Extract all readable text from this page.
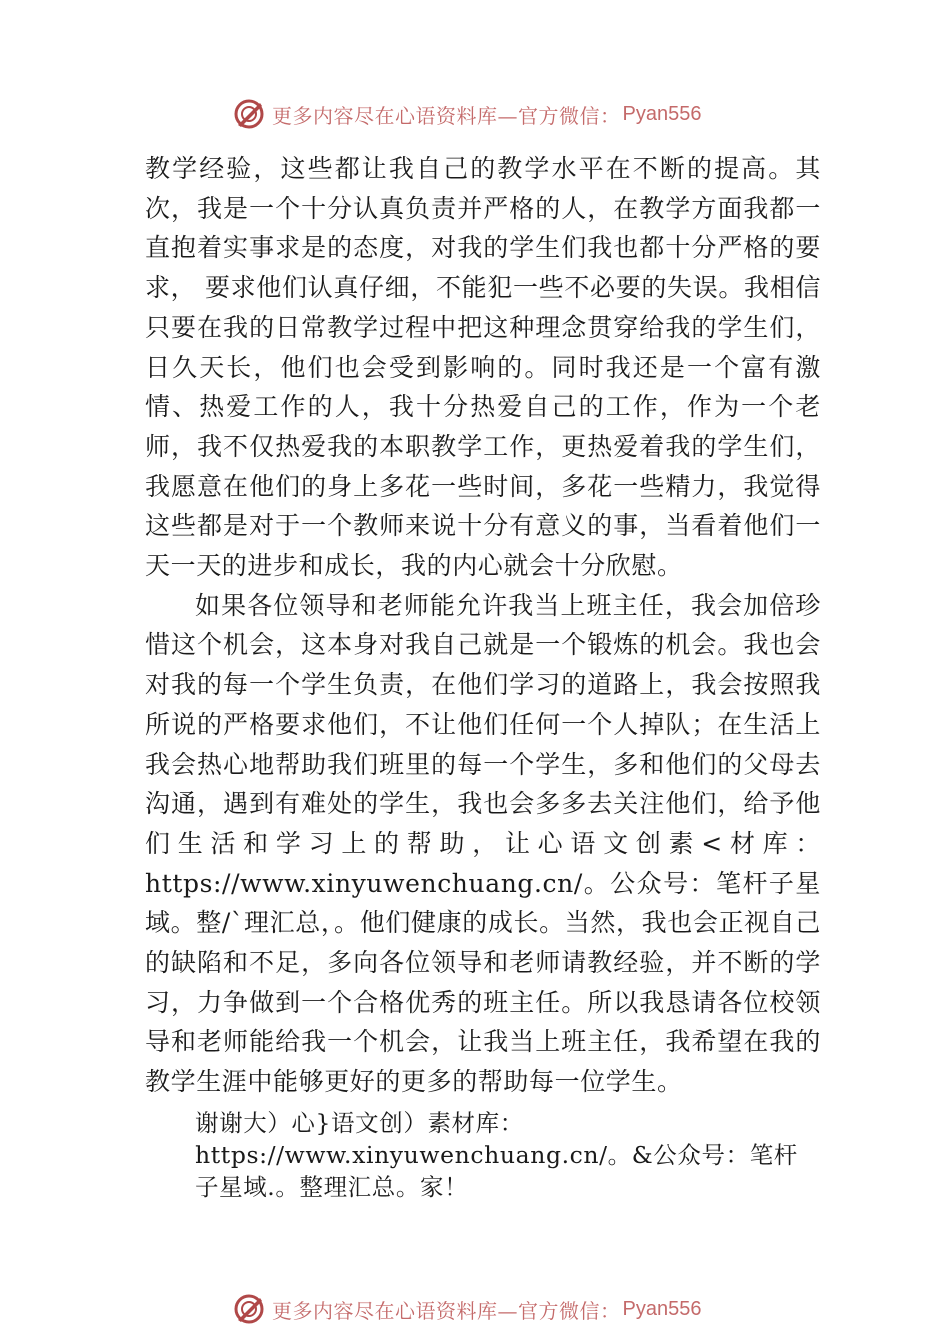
更多内容尽在心语资料库—官方微信： Pyan556

教学经验，这些都让我自己的教学水平在不断的提高。其次，我是一个十分认真负责并严格的人，在教学方面我都一直抱着实事求是的态度，对我的学生们我也都十分严格的要求， 要求他们认真仔细，不能犯一些不必要的失误。我相信只要在我的日常教学过程中把这种理念贯穿给我的学生们，日久天长，他们也会受到影响的。同时我还是一个富有激情、热爱工作的人，我十分热爱自己的工作，作为一个老师，我不仅热爱我的本职教学工作，更热爱着我的学生们，我愿意在他们的身上多花一些时间，多花一些精力，我觉得这些都是对于一个教师来说十分有意义的事，当看着他们一天一天的进步和成长，我的内心就会十分欣慰。

如果各位领导和老师能允许我当上班主任，我会加倍珍惜这个机会，这本身对我自己就是一个锻炼的机会。我也会对我的每一个学生负责，在他们学习的道路上，我会按照我所说的严格要求他们，不让他们任何一个人掉队；在生活上我会热心地帮助我们班里的每一个学生，多和他们的父母去沟通，遇到有难处的学生，我也会多多去关注他们，给予他们生活和学习上的帮助，让心语文创素<材库：https://www.xinyuwenchuang.cn/。公众号：笔杆子星域。整/`理汇总，。他们健康的成长。当然，我也会正视自己的缺陷和不足，多向各位领导和老师请教经验，并不断的学习，力争做到一个合格优秀的班主任。所以我恳请各位校领导和老师能给我一个机会，让我当上班主任，我希望在我的教学生涯中能够更好的更多的帮助每一位学生。

谢谢大）心}语文创）素材库：https://www.xinyuwenchuang.cn/。&公众号：笔杆子星域.。整理汇总。家！
更多内容尽在心语资料库—官方微信： Pyan556
